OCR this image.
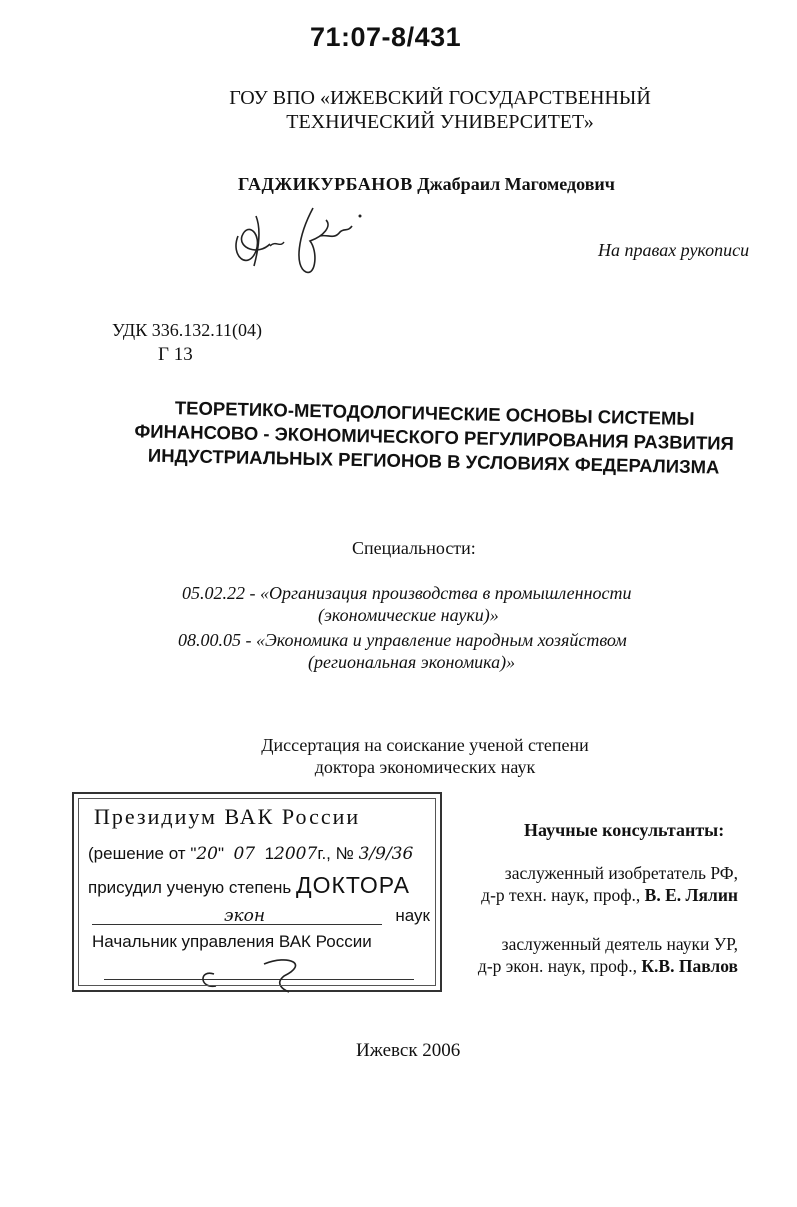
71:07-8/431
ГОУ ВПО «ИЖЕВСКИЙ ГОСУДАРСТВЕННЫЙ
ТЕХНИЧЕСКИЙ УНИВЕРСИТЕТ»
ГАДЖИКУРБАНОВ Джабраил Магомедович
На правах рукописи
УДК 336.132.11(04)
Г 13
ТЕОРЕТИКО-МЕТОДОЛОГИЧЕСКИЕ ОСНОВЫ СИСТЕМЫ
ФИНАНСОВО - ЭКОНОМИЧЕСКОГО РЕГУЛИРОВАНИЯ РАЗВИТИЯ
ИНДУСТРИАЛЬНЫХ РЕГИОНОВ В УСЛОВИЯХ ФЕДЕРАЛИЗМА
Специальности:
05.02.22 - «Организация производства в промышленности
(экономические науки)»
08.00.05 - «Экономика и управление народным хозяйством
(региональная экономика)»
Диссертация на соискание ученой степени
доктора экономических наук
Президиум ВАК России
(решение от "20"  07 12007г., № 3/9/36
присудил ученую степень ДОКТОРА
экон	наук
Начальник управления ВАК России
Научные консультанты:
заслуженный изобретатель РФ,
д-р техн. наук, проф., В. Е. Лялин
заслуженный деятель науки УР,
д-р экон. наук, проф., К.В. Павлов
Ижевск 2006
